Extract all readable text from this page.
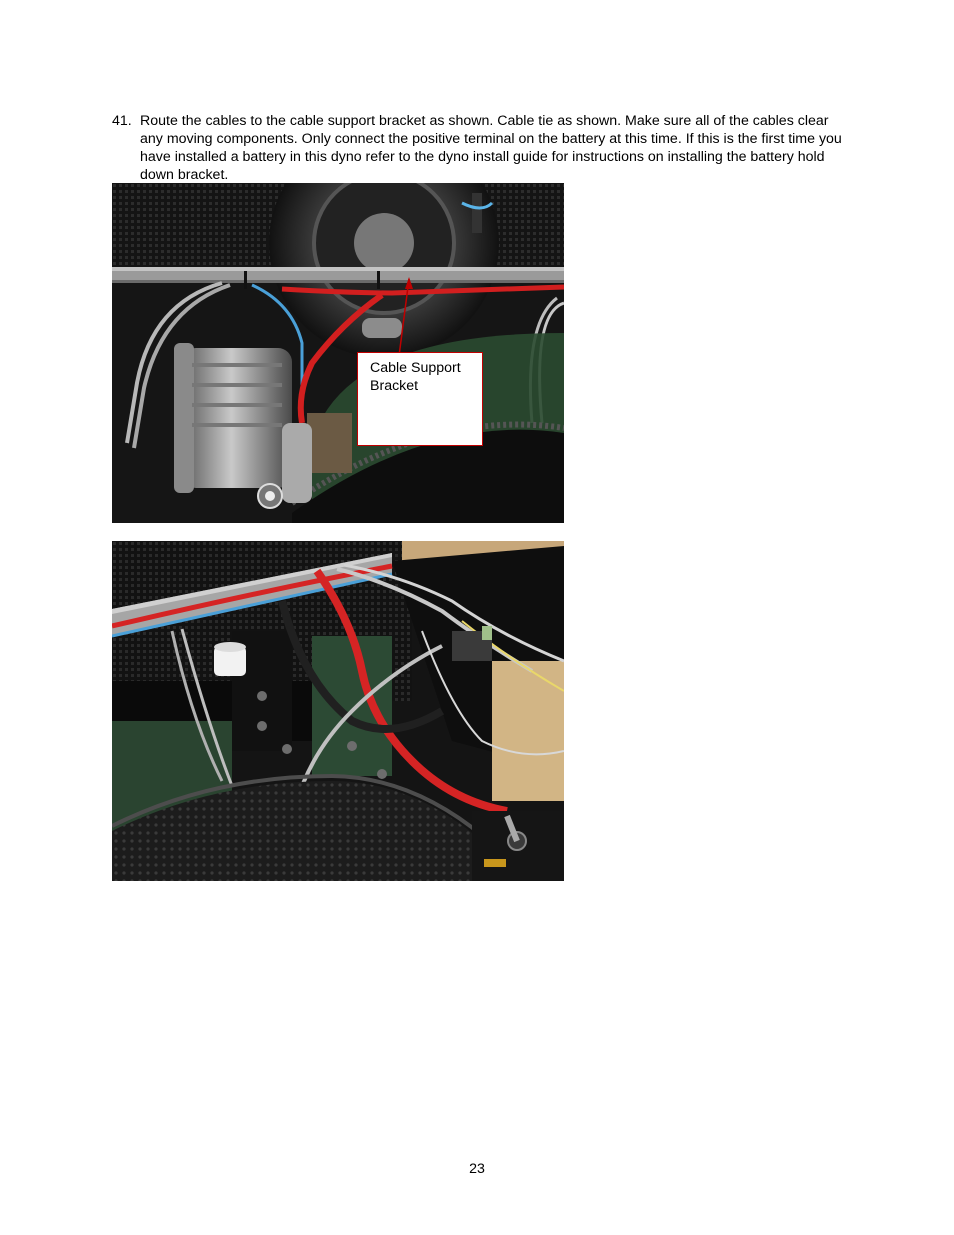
41. Route the cables to the cable support bracket as shown. Cable tie as shown. Make sure all of the cables clear any moving components. Only connect the positive terminal on the battery at this time. If this is the first time you have installed a battery in this dyno refer to the dyno install guide for instructions on installing the battery hold down bracket.
Cable Support Bracket
23
